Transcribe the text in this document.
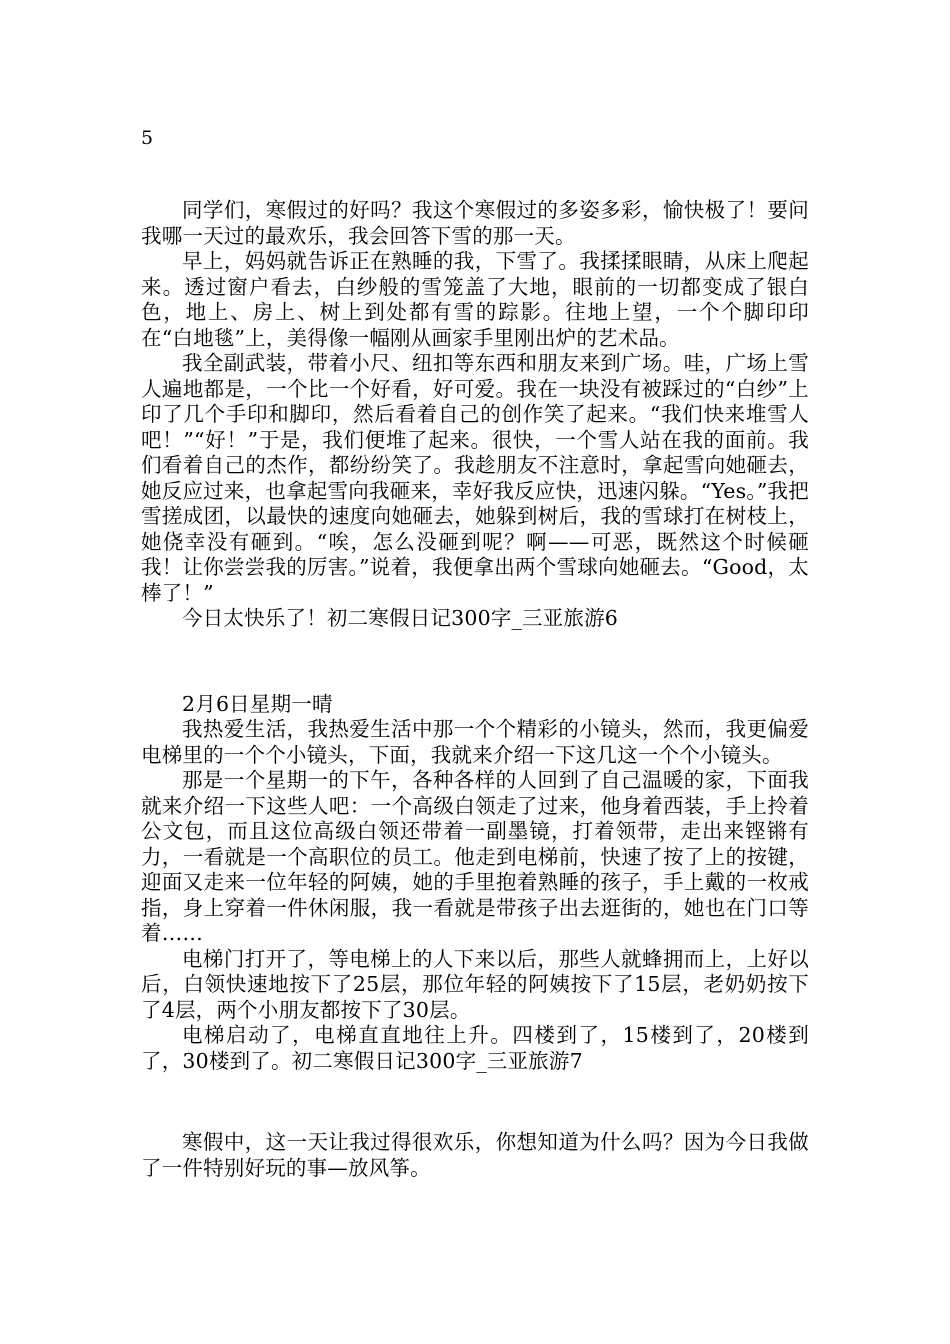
5

同学们，寒假过的好吗？我这个寒假过的多姿多彩，愉快极了！要问我哪一天过的最欢乐，我会回答下雪的那一天。

早上，妈妈就告诉正在熟睡的我，下雪了。我揉揉眼睛，从床上爬起来。透过窗户看去，白纱般的雪笼盖了大地，眼前的一切都变成了银白色，地上、房上、树上到处都有雪的踪影。往地上望，一个个脚印印在“白地毯”上，美得像一幅刚从画家手里刚出炉的艺术品。

我全副武装，带着小尺、纽扣等东西和朋友来到广场。哇，广场上雪人遍地都是，一个比一个好看，好可爱。我在一块没有被踩过的“白纱”上印了几个手印和脚印，然后看着自己的创作笑了起来。“我们快来堆雪人吧！”“好！”于是，我们便堆了起来。很快，一个雪人站在我的面前。我们看着自己的杰作，都纷纷笑了。我趁朋友不注意时，拿起雪向她砸去，她反应过来，也拿起雪向我砸来，幸好我反应快，迅速闪躲。“Yes。”我把雪搓成团，以最快的速度向她砸去，她躲到树后，我的雪球打在树枝上，她侥幸没有砸到。“唉，怎么没砸到呢？啊——可恶，既然这个时候砸我！让你尝尝我的厉害。”说着，我便拿出两个雪球向她砸去。“Good，太棒了！”

今日太快乐了！初二寒假日记300字_三亚旅游6

2月6日星期一晴

我热爱生活，我热爱生活中那一个个精彩的小镜头，然而，我更偏爱电梯里的一个个小镜头，下面，我就来介绍一下这几这一个个小镜头。

那是一个星期一的下午，各种各样的人回到了自己温暖的家，下面我就来介绍一下这些人吧：一个高级白领走了过来，他身着西装，手上拎着公文包，而且这位高级白领还带着一副墨镜，打着领带，走出来铿锵有力，一看就是一个高职位的员工。他走到电梯前，快速了按了上的按键，迎面又走来一位年轻的阿姨，她的手里抱着熟睡的孩子，手上戴的一枚戒指，身上穿着一件休闲服，我一看就是带孩子出去逛街的，她也在门口等着……

电梯门打开了，等电梯上的人下来以后，那些人就蜂拥而上，上好以后，白领快速地按下了25层，那位年轻的阿姨按下了15层，老奶奶按下了4层，两个小朋友都按下了30层。

电梯启动了，电梯直直地往上升。四楼到了，15楼到了，20楼到了，30楼到了。初二寒假日记300字_三亚旅游7

寒假中，这一天让我过得很欢乐，你想知道为什么吗？因为今日我做了一件特别好玩的事—放风筝。
